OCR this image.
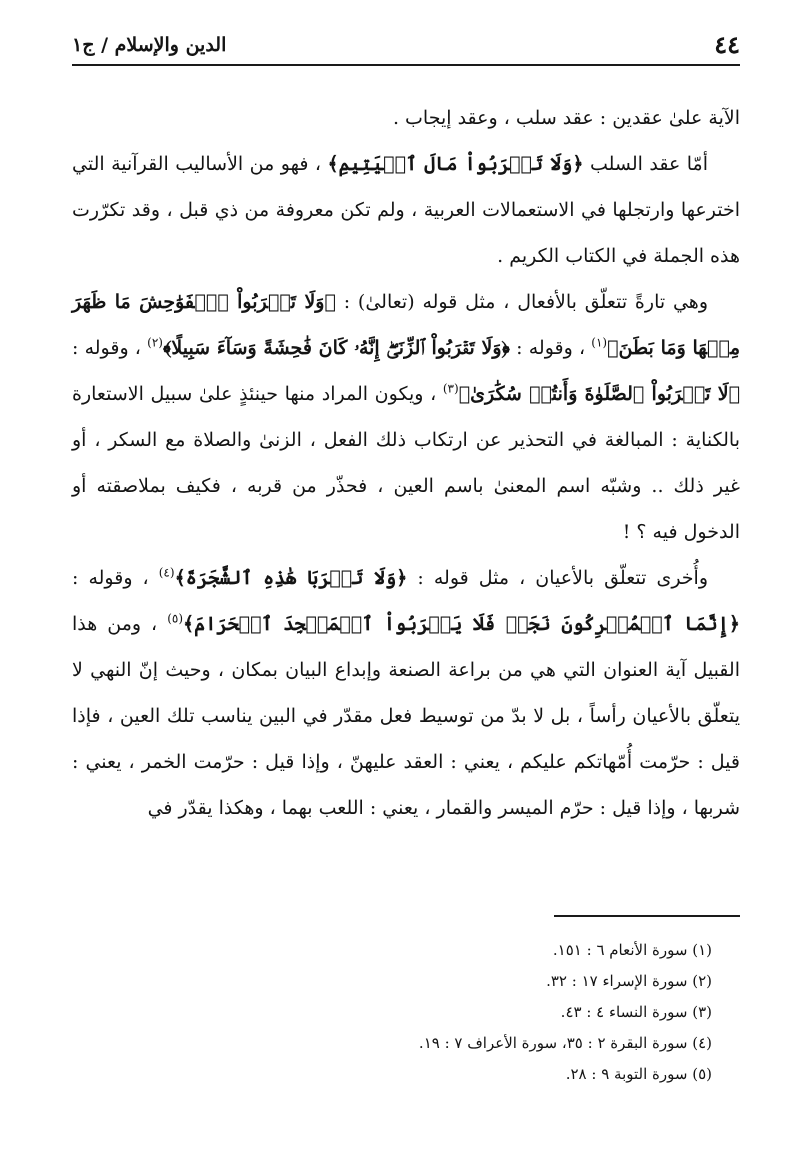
٤٤
الدين والإسلام / ج١

الآية علىٰ عقدين : عقد سلب ، وعقد إيجاب .

أمّا عقد السلب ﴿وَلَا تَقۡرَبُواْ مَالَ ٱلۡيَتِيمِ﴾ ، فهو من الأساليب القرآنية التي اخترعها وارتجلها في الاستعمالات العربية ، ولم تكن معروفة من ذي قبل ، وقد تكرّرت هذه الجملة في الكتاب الكريم .

وهي تارةً تتعلّق بالأفعال ، مثل قوله (تعالىٰ) : ﴿وَلَا تَقۡرَبُواْ ٱلۡفَوَٰحِشَ مَا ظَهَرَ مِنۡهَا وَمَا بَطَنَ﴾$^{(١)}$ ، وقوله : ﴿وَلَا تَقۡرَبُواْ ٱلزِّنَىٰٓۖ إِنَّهُۥ كَانَ فَٰحِشَةً وَسَآءَ سَبِيلًا﴾$^{(٢)}$ ، وقوله : ﴿لَا تَقۡرَبُواْ ٱلصَّلَوٰةَ وَأَنتُمۡ سُكَٰرَىٰ﴾$^{(٣)}$ ، ويكون المراد منها حينئذٍ علىٰ سبيل الاستعارة بالكناية : المبالغة في التحذير عن ارتكاب ذلك الفعل ، الزنىٰ والصلاة مع السكر ، أو غير ذلك .. وشبّه اسم المعنىٰ باسم العين ، فحذّر من قربه ، فكيف بملاصقته أو الدخول فيه ؟ !

وأُخرى تتعلّق بالأعيان ، مثل قوله : ﴿وَلَا تَقۡرَبَا هَٰذِهِ ٱلشَّجَرَةَ﴾$^{(٤)}$ ، وقوله : ﴿إِنَّمَا ٱلۡمُشۡرِكُونَ نَجَسٞ فَلَا يَقۡرَبُواْ ٱلۡمَسۡجِدَ ٱلۡحَرَامَ﴾$^{(٥)}$ ، ومن هذا القبيل آية العنوان التي هي من براعة الصنعة وإبداع البيان بمكان ، وحيث إنّ النهي لا يتعلّق بالأعيان رأساً ، بل لا بدّ من توسيط فعل مقدّر في البين يناسب تلك العين ، فإذا قيل : حرّمت أُمّهاتكم عليكم ، يعني : العقد عليهنّ ، وإذا قيل : حرّمت الخمر ، يعني : شربها ، وإذا قيل : حرّم الميسر والقمار ، يعني : اللعب بهما ، وهكذا يقدّر في

(١) سورة الأنعام ٦ : ١٥١.
(٢) سورة الإسراء ١٧ : ٣٢.
(٣) سورة النساء ٤ : ٤٣.
(٤) سورة البقرة ٢ : ٣٥، سورة الأعراف ٧ : ١٩.
(٥) سورة التوبة ٩ : ٢٨.
